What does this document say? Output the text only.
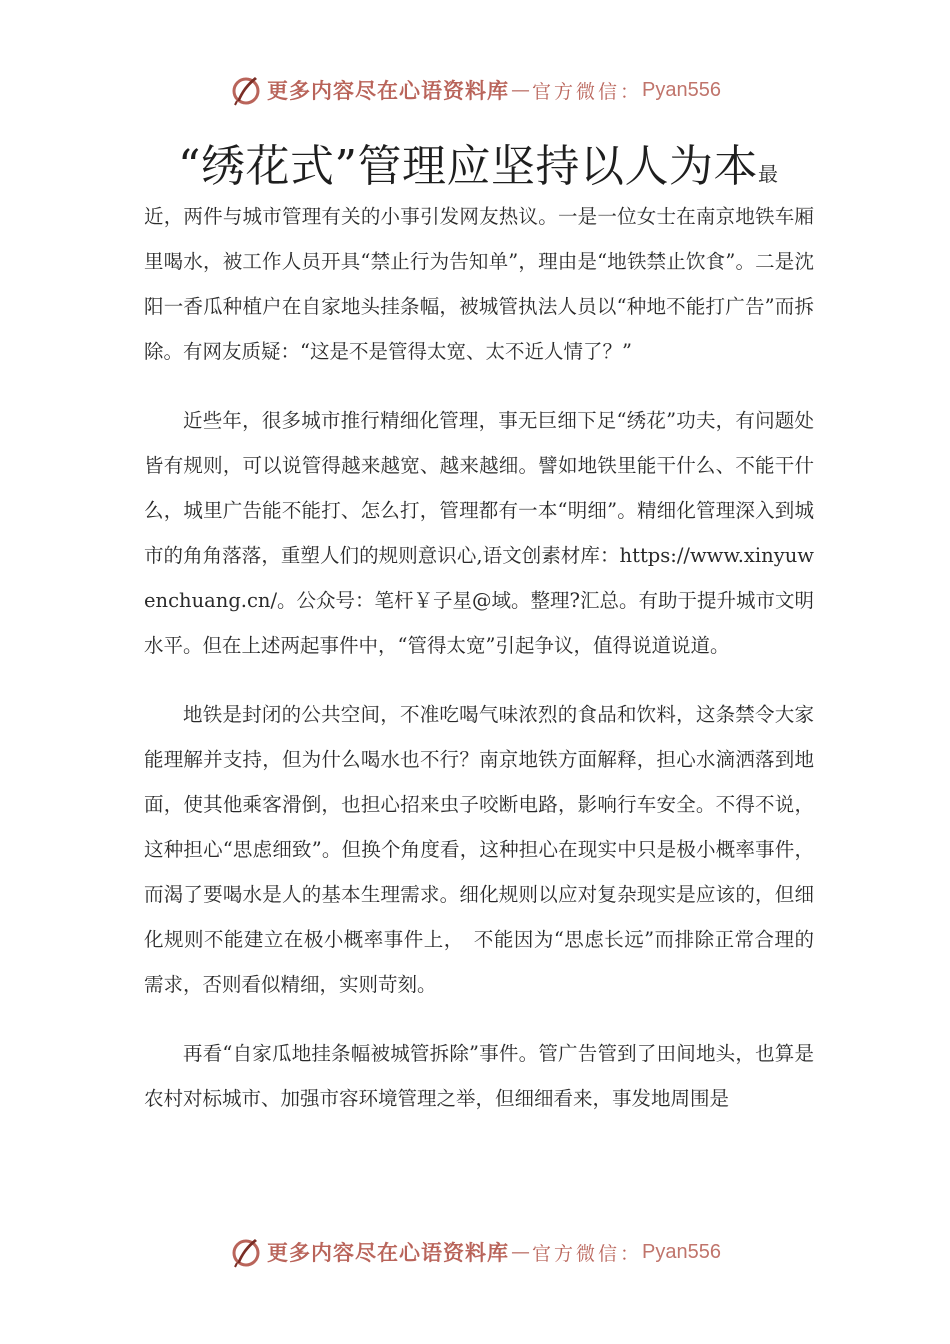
更多内容尽在心语资料库 — 官方微信： Pyan556
“绣花式”管理应坚持以人为本最

近，两件与城市管理有关的小事引发网友热议。一是一位女士在南京地铁车厢里喝水，被工作人员开具“禁止行为告知单”，理由是“地铁禁止饮食”。二是沈阳一香瓜种植户在自家地头挂条幅，被城管执法人员以“种地不能打广告”而拆除。有网友质疑：“这是不是管得太宽、太不近人情了？”

近些年，很多城市推行精细化管理，事无巨细下足“绣花”功夫，有问题处皆有规则，可以说管得越来越宽、越来越细。譬如地铁里能干什么、不能干什么，城里广告能不能打、怎么打，管理都有一本“明细”。精细化管理深入到城市的角角落落，重塑人们的规则意识心,语文创素材库：https://www.xinyuwenchuang.cn/。公众号：笔杆￥子星@域。整理?汇总。有助于提升城市文明水平。但在上述两起事件中，“管得太宽”引起争议，值得说道说道。

地铁是封闭的公共空间，不准吃喝气味浓烈的食品和饮料，这条禁令大家能理解并支持，但为什么喝水也不行？南京地铁方面解释，担心水滴洒落到地面，使其他乘客滑倒，也担心招来虫子咬断电路，影响行车安全。不得不说，这种担心“思虑细致”。但换个角度看，这种担心在现实中只是极小概率事件，而渴了要喝水是人的基本生理需求。细化规则以应对复杂现实是应该的，但细化规则不能建立在极小概率事件上，　不能因为“思虑长远”而排除正常合理的需求，否则看似精细，实则苛刻。

再看“自家瓜地挂条幅被城管拆除”事件。管广告管到了田间地头，也算是农村对标城市、加强市容环境管理之举，但细细看来，事发地周围是

更多内容尽在心语资料库 — 官方微信： Pyan556
